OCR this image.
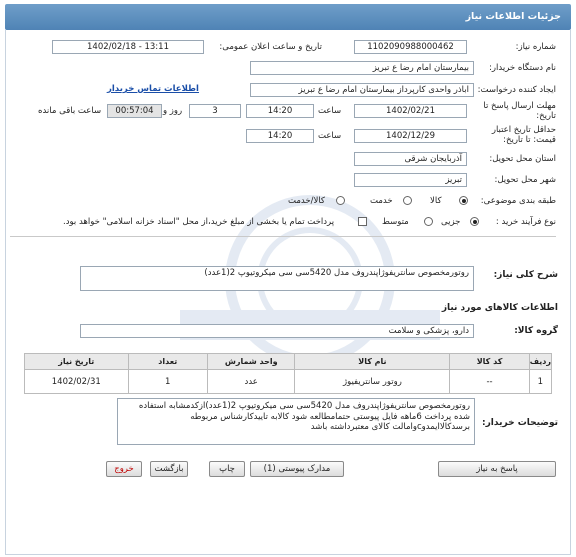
جزئیات اطلاعات نیاز
شماره نیاز:
1102090988000462
تاریخ و ساعت اعلان عمومی:
1402/02/18 - 13:11
نام دستگاه خریدار:
بیمارستان امام رضا ع تبریز
ایجاد کننده درخواست:
اباذر واحدی کارپرداز بیمارستان امام رضا ع تبریز
اطلاعات تماس خریدار
مهلت ارسال پاسخ تا
تاریخ:
1402/02/21
ساعت
14:20
3
روز و
00:57:04
ساعت باقی مانده
حداقل تاریخ اعتبار
قیمت: تا تاریخ:
1402/12/29
ساعت
14:20
استان محل تحویل:
آذربایجان شرقی
شهر محل تحویل:
تبریز
طبقه بندی موضوعی:
کالا
خدمت
کالا/خدمت
نوع فرآیند خرید :
جزیی
متوسط
پرداخت تمام یا بخشی از مبلغ خرید،از محل "اسناد خزانه اسلامی" خواهد بود.
شرح کلی نیاز:
روتورمخصوص سانتریفوژاپندروف مدل 5420سی سی میکروتیوپ 2(1عدد)
اطلاعات کالاهای مورد نیاز
گروه کالا:
دارو، پزشکی و سلامت
ردیف	کد کالا	نام کالا	واحد شمارش	تعداد	تاریخ نیاز
1	--	روتور سانتریفیوژ	عدد	1	1402/02/31
توضیحات خریدار:
روتورمخصوص سانتریفوژاپندروف مدل 5420سی سی میکروتیوپ 2(1عدد)ازکدمشابه استفاده شده پرداخت 6ماهه فایل پیوستی حتمامطالعه شود کالابه تاییدکارشناس مربوطه برسدکالاایمدوcوامالت کالای معتبرداشته باشد
پاسخ به نیاز
مدارک پیوستی (1)
چاپ
بازگشت
خروج
